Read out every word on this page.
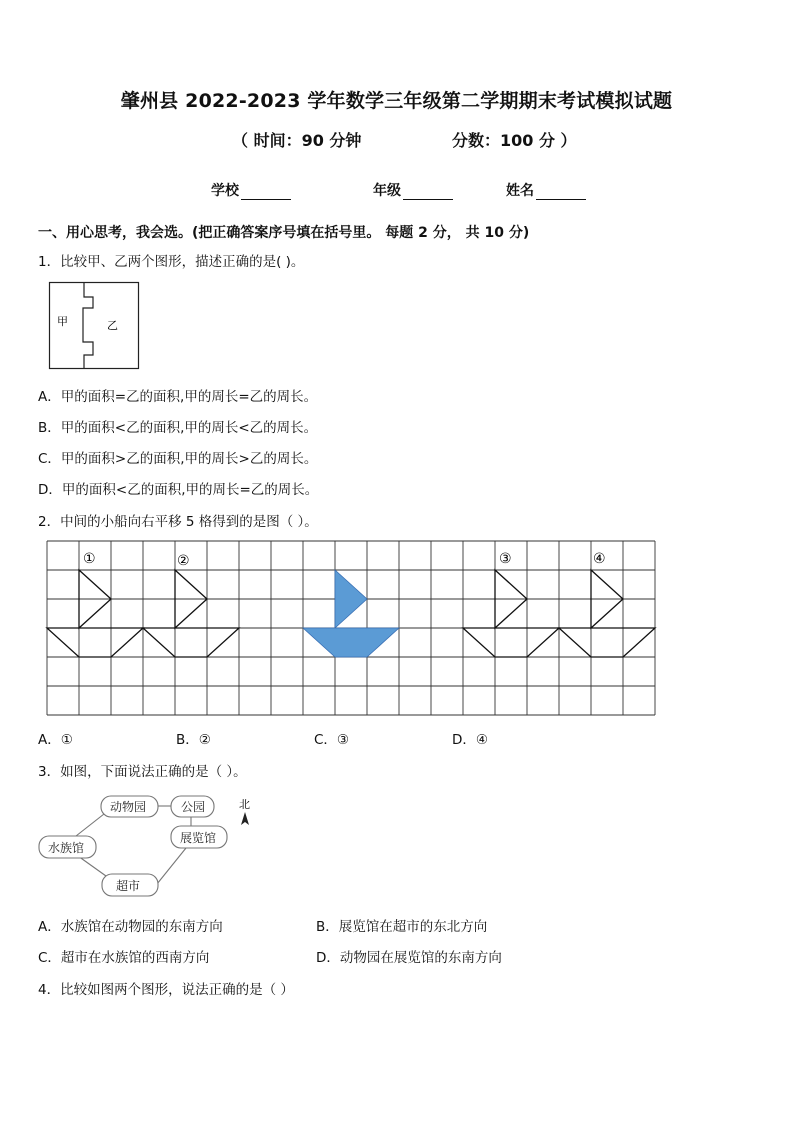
肇州县 2022-2023 学年数学三年级第二学期期末考试模拟试题
（ 时间：90 分钟	分数：100 分 ）
学校	年级	姓名
一、用心思考，我会选。(把正确答案序号填在括号里。 每题 2 分， 共 10 分)
1．比较甲、乙两个图形，描述正确的是( )。
甲	乙
A．甲的面积=乙的面积,甲的周长=乙的周长。
B．甲的面积<乙的面积,甲的周长<乙的周长。
C．甲的面积>乙的面积,甲的周长>乙的周长。
D．甲的面积<乙的面积,甲的周长=乙的周长。
2．中间的小船向右平移 5 格得到的是图（ ）。
①	②	③	④
A．①	B．②	C．③	D．④
3．如图，下面说法正确的是（ ）。
动物园	公园
展览馆
水族馆
超市
北
A．水族馆在动物园的东南方向	B．展览馆在超市的东北方向
C．超市在水族馆的西南方向	D．动物园在展览馆的东南方向
4．比较如图两个图形，说法正确的是（ ）
